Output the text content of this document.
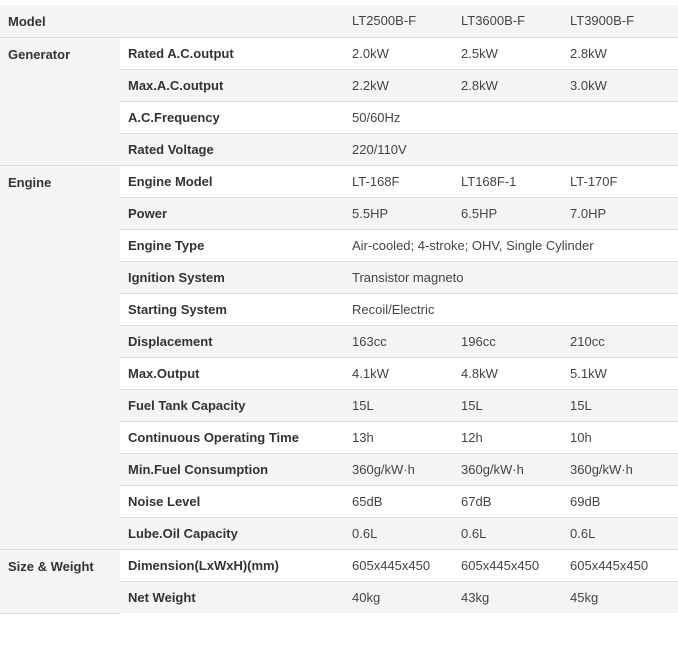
Model		LT2500B-F	LT3600B-F	LT3900B-F
Generator	Rated A.C.output	2.0kW	2.5kW	2.8kW
	Max.A.C.output	2.2kW	2.8kW	3.0kW
	A.C.Frequency	50/60Hz		
	Rated Voltage	220/110V		
Engine	Engine Model	LT-168F	LT168F-1	LT-170F
	Power	5.5HP	6.5HP	7.0HP
	Engine Type	Air-cooled; 4-stroke; OHV, Single Cylinder		
	Ignition System	Transistor magneto		
	Starting System	Recoil/Electric		
	Displacement	163cc	196cc	210cc
	Max.Output	4.1kW	4.8kW	5.1kW
	Fuel Tank Capacity	15L	15L	15L
	Continuous Operating Time	13h	12h	10h
	Min.Fuel Consumption	360g/kW·h	360g/kW·h	360g/kW·h
	Noise Level	65dB	67dB	69dB
	Lube.Oil Capacity	0.6L	0.6L	0.6L
Size & Weight	Dimension(LxWxH)(mm)	605x445x450	605x445x450	605x445x450
	Net Weight	40kg	43kg	45kg
